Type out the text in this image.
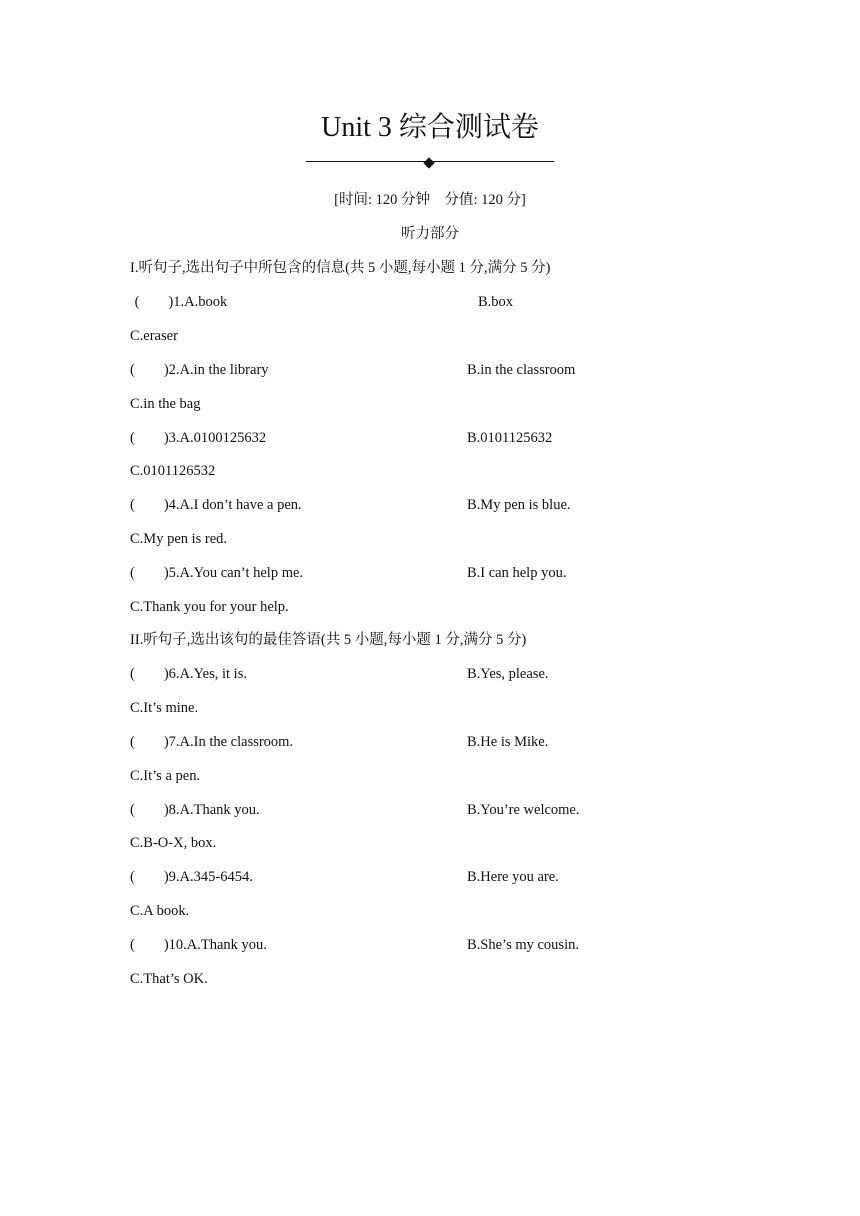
Unit 3 综合测试卷
[时间: 120 分钟    分值: 120 分]
听力部分
I.听句子,选出句子中所包含的信息(共 5 小题,每小题 1 分,满分 5 分)
(        )1.A.book	B.box
C.eraser
(        )2.A.in the library	B.in the classroom
C.in the bag
(        )3.A.0100125632	B.0101125632
C.0101126532
(        )4.A.I don’t have a pen.	B.My pen is blue.
C.My pen is red.
(        )5.A.You can’t help me.	B.I can help you.
C.Thank you for your help.
II.听句子,选出该句的最佳答语(共 5 小题,每小题 1 分,满分 5 分)
(        )6.A.Yes, it is.	B.Yes, please.
C.It’s mine.
(        )7.A.In the classroom.	B.He is Mike.
C.It’s a pen.
(        )8.A.Thank you.	B.You’re welcome.
C.B-O-X, box.
(        )9.A.345-6454.	B.Here you are.
C.A book.
(        )10.A.Thank you.	B.She’s my cousin.
C.That’s OK.
